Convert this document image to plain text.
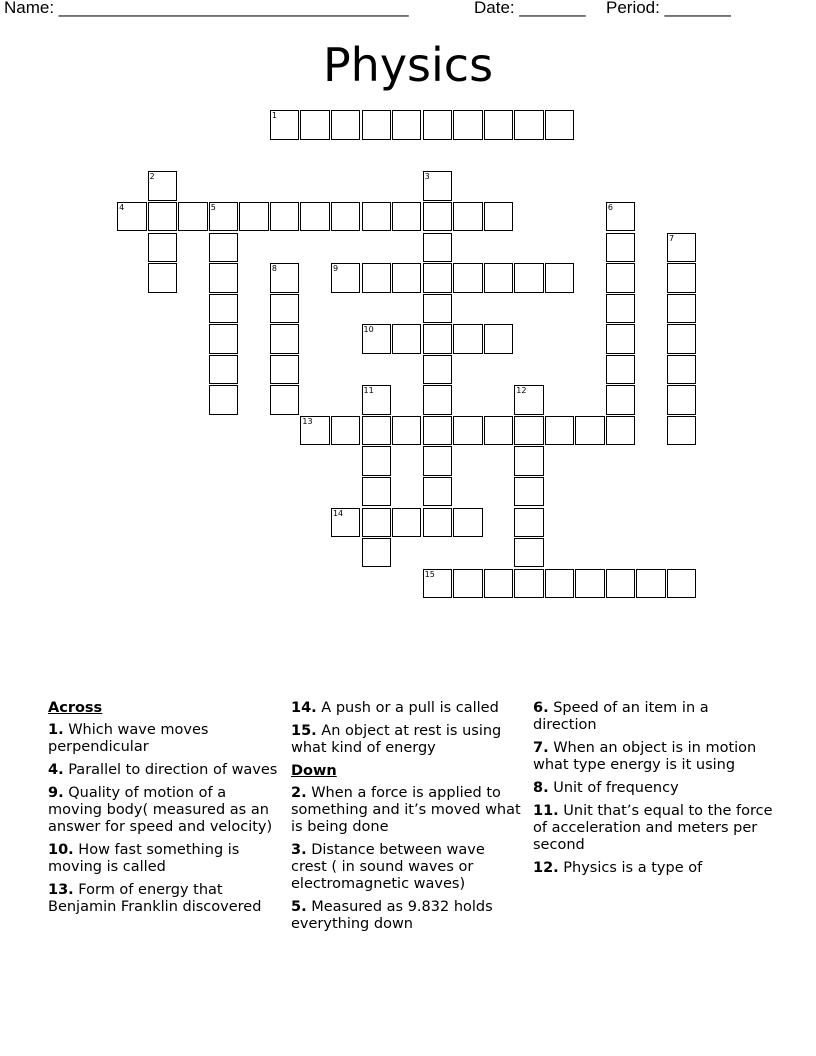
Name: _____________________________________	Date: _______ Period: _______
Physics
1
2	3
4	5	6
7
8	9
10
11	12
13
14
15
Across
1. Which wave moves perpendicular
4. Parallel to direction of waves
9. Quality of motion of a moving body( measured as an answer for speed and velocity)
10. How fast something is moving is called
13. Form of energy that Benjamin Franklin discovered
14. A push or a pull is called
15. An object at rest is using what kind of energy
Down
2. When a force is applied to something and it’s moved what is being done
3. Distance between wave crest ( in sound waves or electromagnetic waves)
5. Measured as 9.832 holds everything down
6. Speed of an item in a direction
7. When an object is in motion what type energy is it using
8. Unit of frequency
11. Unit that’s equal to the force of acceleration and meters per second
12. Physics is a type of
